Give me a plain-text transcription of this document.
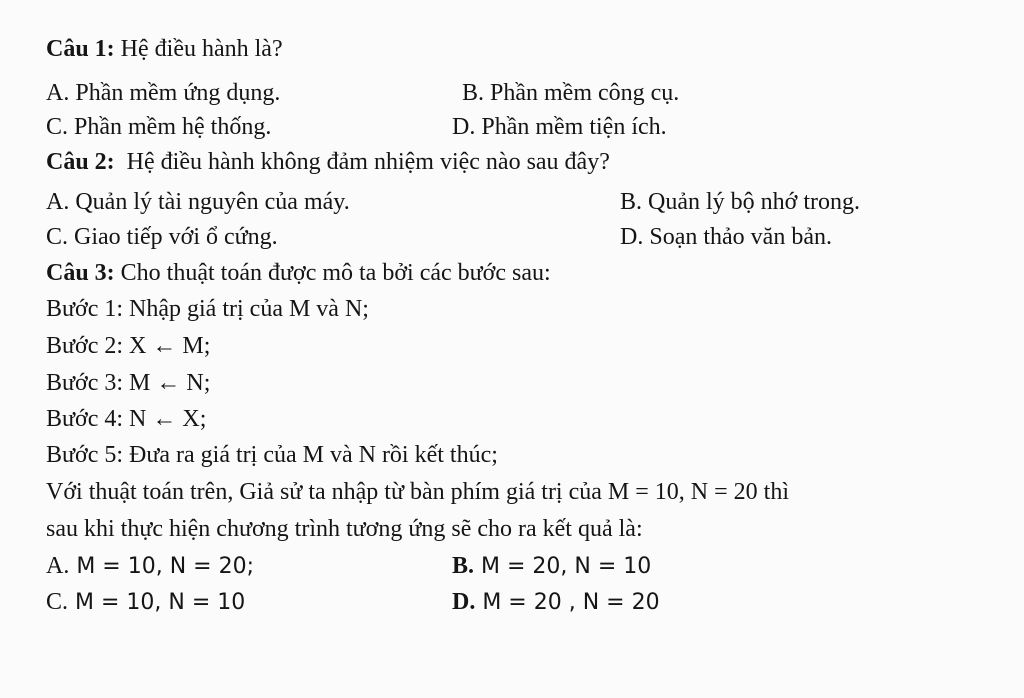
Câu 1: Hệ điều hành là?
A. Phần mềm ứng dụng.	B. Phần mềm công cụ.
C. Phần mềm hệ thống.	D. Phần mềm tiện ích.
Câu 2:  Hệ điều hành không đảm nhiệm việc nào sau đây?
A. Quản lý tài nguyên của máy.	B. Quản lý bộ nhớ trong.
C. Giao tiếp với ổ cứng.	D. Soạn thảo văn bản.
Câu 3: Cho thuật toán được mô ta bởi các bước sau:
Bước 1: Nhập giá trị của M và N;
Bước 2: X ← M;
Bước 3: M ← N;
Bước 4: N ← X;
Bước 5: Đưa ra giá trị của M và N rồi kết thúc;
Với thuật toán trên, Giả sử ta nhập từ bàn phím giá trị của M = 10, N = 20 thì
sau khi thực hiện chương trình tương ứng sẽ cho ra kết quả là:
A. M = 10, N = 20;	B. M = 20, N = 10
C. M = 10, N = 10	D. M = 20 , N = 20
